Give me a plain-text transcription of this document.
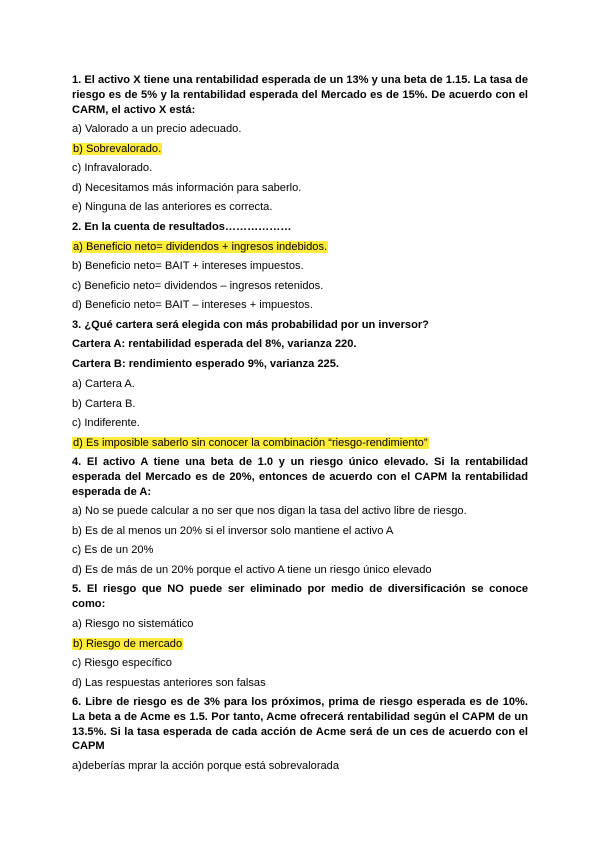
1. El activo X tiene una rentabilidad esperada de un 13% y una beta de 1.15. La tasa de riesgo es de 5% y la rentabilidad esperada del Mercado es de 15%. De acuerdo con el CARM, el activo X está:

a) Valorado a un precio adecuado.
b) Sobrevalorado.
c) Infravalorado.
d) Necesitamos más información para saberlo.
e) Ninguna de las anteriores es correcta.

2. En la cuenta de resultados………………

a) Beneficio neto= dividendos + ingresos indebidos.
b) Beneficio neto= BAIT + intereses impuestos.
c) Beneficio neto= dividendos – ingresos retenidos.
d) Beneficio neto= BAIT – intereses + impuestos.

3. ¿Qué cartera será elegida con más probabilidad por un inversor?

Cartera A: rentabilidad esperada del 8%, varianza 220.

Cartera B: rendimiento esperado 9%, varianza 225.

a) Cartera A.
b) Cartera B.
c) Indiferente.
d) Es imposible saberlo sin conocer la combinación “riesgo-rendimiento”

4. El activo A tiene una beta de 1.0 y un riesgo único elevado. Si la rentabilidad esperada del Mercado es de 20%, entonces de acuerdo con el CAPM la rentabilidad esperada de A:

a) No se puede calcular a no ser que nos digan la tasa del activo libre de riesgo.
b) Es de al menos un 20% si el inversor solo mantiene el activo A
c) Es de un 20%
d) Es de más de un 20% porque el activo A tiene un riesgo único elevado

5. El riesgo que NO puede ser eliminado por medio de diversificación se conoce como:

a) Riesgo no sistemático
b) Riesgo de mercado
c) Riesgo específico
d) Las respuestas anteriores son falsas

6. Libre de riesgo es de 3% para los próximos, prima de riesgo esperada es de 10%. La beta a de Acme es 1.5. Por tanto, Acme ofrecerá rentabilidad según el CAPM de un 13.5%. Si la tasa esperada de cada acción de Acme será de un ces de acuerdo con el CAPM

a)deberías mprar la acción porque está sobrevalorada
